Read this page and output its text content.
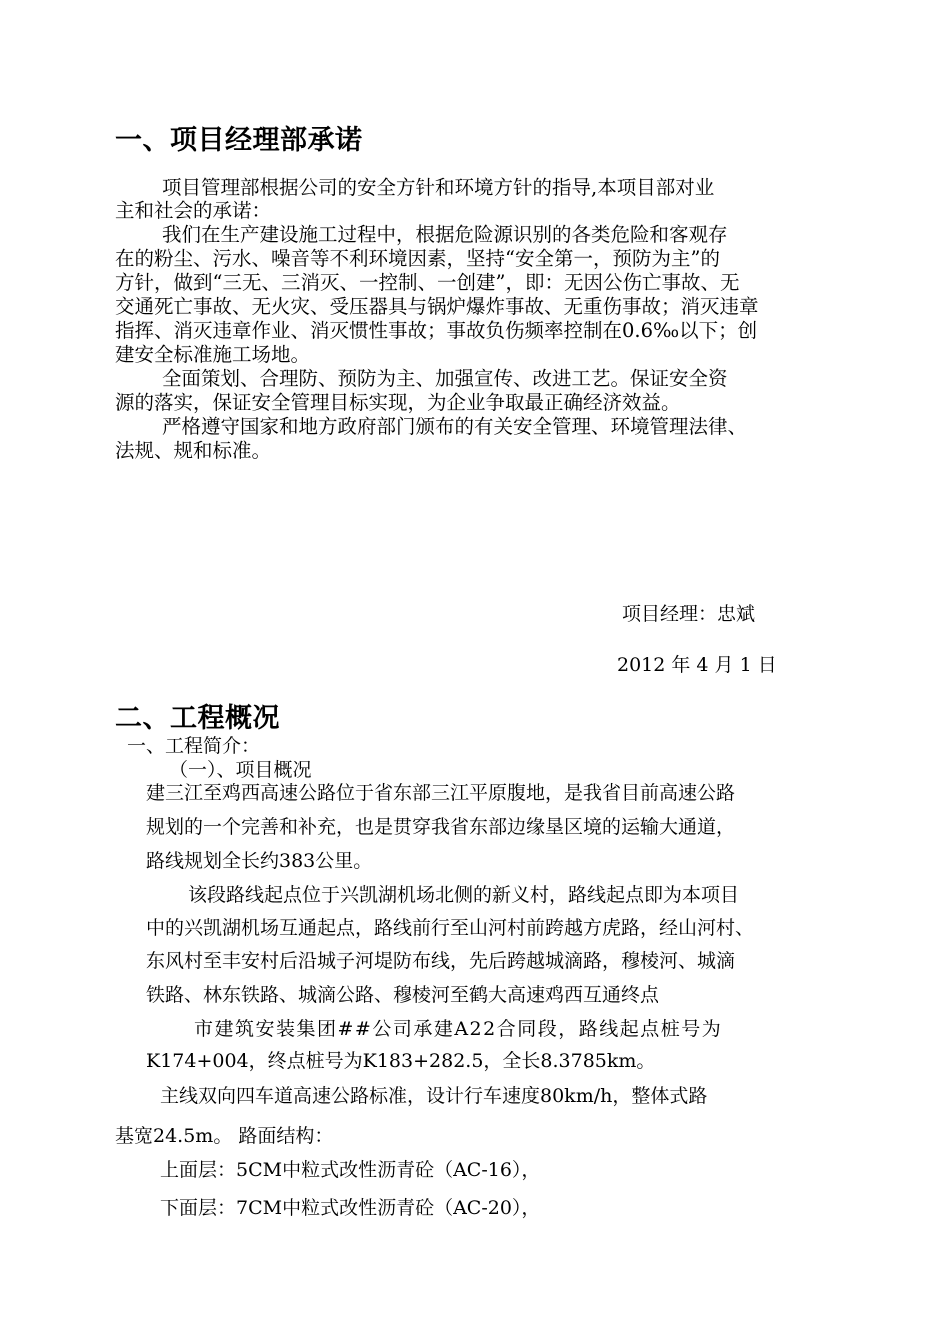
一、项目经理部承诺
项目管理部根据公司的安全方针和环境方针的指导,本项目部对业
主和社会的承诺：
我们在生产建设施工过程中，根据危险源识别的各类危险和客观存
在的粉尘、污水、噪音等不利环境因素，坚持“安全第一，预防为主”的
方针，做到“三无、三消灭、一控制、一创建”，即：无因公伤亡事故、无
交通死亡事故、无火灾、受压器具与锅炉爆炸事故、无重伤事故；消灭违章
指挥、消灭违章作业、消灭惯性事故；事故负伤频率控制在0.6‰以下；创
建安全标准施工场地。
全面策划、合理防、预防为主、加强宣传、改进工艺。保证安全资
源的落实，保证安全管理目标实现，为企业争取最正确经济效益。
严格遵守国家和地方政府部门颁布的有关安全管理、环境管理法律、
法规、规和标准。
项目经理：忠斌
2012 年 4 月 1 日
二、工程概况
一、工程简介：
（一）、项目概况
建三江至鸡西高速公路位于省东部三江平原腹地，是我省目前高速公路
规划的一个完善和补充，也是贯穿我省东部边缘垦区境的运输大通道，
路线规划全长约383公里。
该段路线起点位于兴凯湖机场北侧的新义村，路线起点即为本项目
中的兴凯湖机场互通起点，路线前行至山河村前跨越方虎路，经山河村、
东风村至丰安村后沿城子河堤防布线，先后跨越城滴路，穆棱河、城滴
铁路、林东铁路、城滴公路、穆棱河至鹤大高速鸡西互通终点
市建筑安装集团##公司承建A22合同段，路线起点桩号为
K174+004，终点桩号为K183+282.5，全长8.3785km。
主线双向四车道高速公路标准，设计行车速度80km/h，整体式路
基宽24.5m。 路面结构：
上面层：5CM中粒式改性沥青砼（AC-16），
下面层：7CM中粒式改性沥青砼（AC-20），
